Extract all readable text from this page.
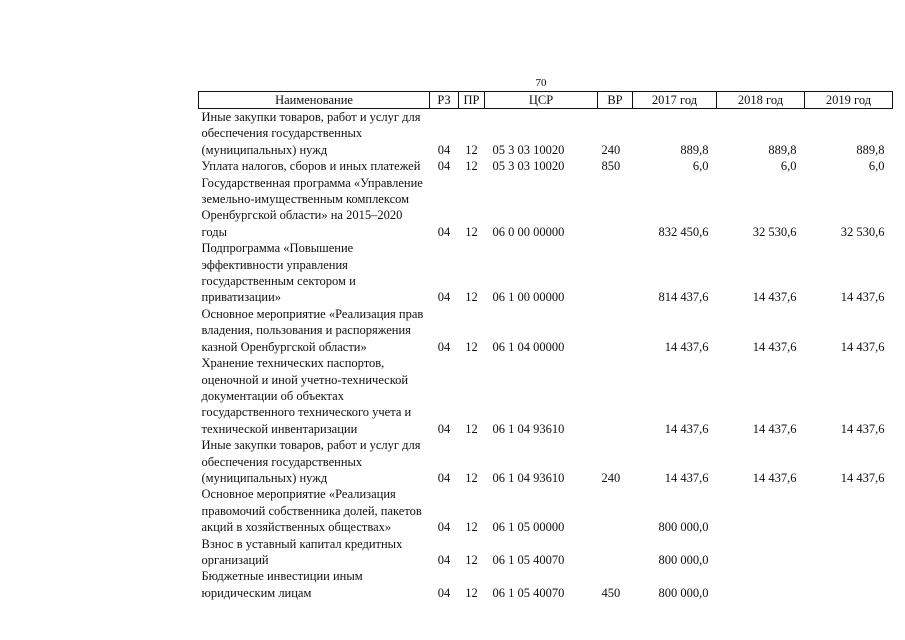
70
Наименование	РЗ	ПР	ЦСР	ВР	2017 год	2018 год	2019 год
Иные закупки товаров, работ и услуг для обеспечения государственных (муниципальных) нужд	04	12	05 3 03 10020	240	889,8	889,8	889,8
Уплата налогов, сборов и иных платежей	04	12	05 3 03 10020	850	6,0	6,0	6,0
Государственная программа «Управление земельно-имущественным комплексом Оренбургской области» на 2015–2020 годы	04	12	06 0 00 00000		832 450,6	32 530,6	32 530,6
Подпрограмма «Повышение эффективности управления государственным сектором и приватизации»	04	12	06 1 00 00000		814 437,6	14 437,6	14 437,6
Основное мероприятие «Реализация прав владения, пользования и распоряжения казной Оренбургской области»	04	12	06 1 04 00000		14 437,6	14 437,6	14 437,6
Хранение технических паспортов, оценочной и иной учетно-технической документации об объектах государственного технического учета и технической инвентаризации	04	12	06 1 04 93610		14 437,6	14 437,6	14 437,6
Иные закупки товаров, работ и услуг для обеспечения государственных (муниципальных) нужд	04	12	06 1 04 93610	240	14 437,6	14 437,6	14 437,6
Основное мероприятие «Реализация правомочий собственника долей, пакетов акций в хозяйственных обществах»	04	12	06 1 05 00000		800 000,0		
Взнос в уставный капитал кредитных организаций	04	12	06 1 05 40070		800 000,0		
Бюджетные инвестиции иным юридическим лицам	04	12	06 1 05 40070	450	800 000,0		
